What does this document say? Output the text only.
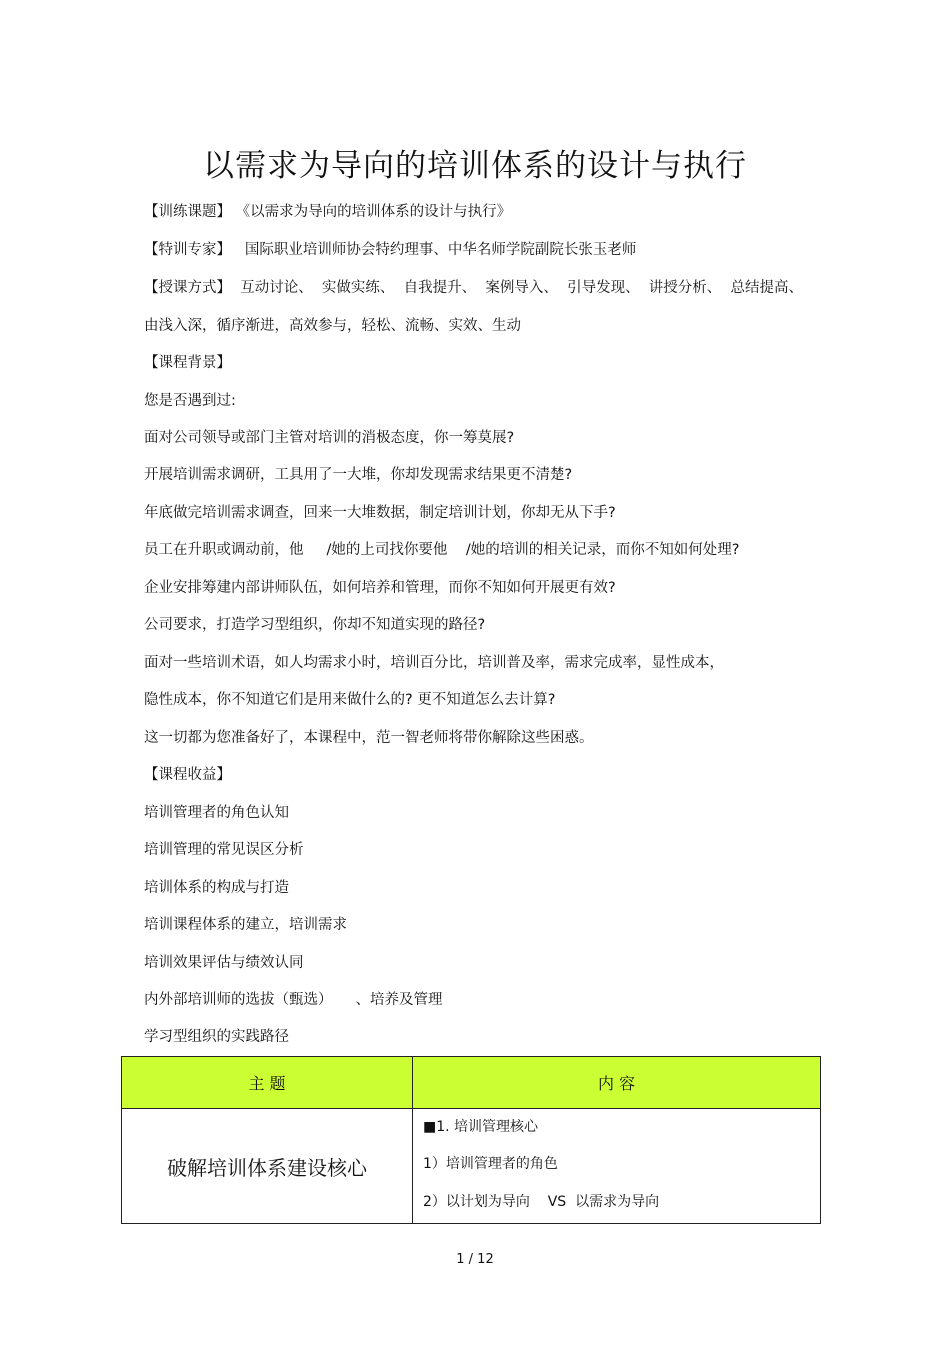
以需求为导向的培训体系的设计与执行
【训练课题】 《以需求为导向的培训体系的设计与执行》
【特训专家】   国际职业培训师协会特约理事、中华名师学院副院长张玉老师
【授课方式】  互动讨论、  实做实练、  自我提升、  案例导入、  引导发现、  讲授分析、  总结提高、
由浅入深，循序渐进，高效参与，轻松、流畅、实效、生动
【课程背景】
您是否遇到过:
面对公司领导或部门主管对培训的消极态度，你一筹莫展?
开展培训需求调研，工具用了一大堆，你却发现需求结果更不清楚?
年底做完培训需求调查，回来一大堆数据，制定培训计划，你却无从下手?
员工在升职或调动前，他     /她的上司找你要他    /她的培训的相关记录，而你不知如何处理?
企业安排筹建内部讲师队伍，如何培养和管理，而你不知如何开展更有效?
公司要求，打造学习型组织，你却不知道实现的路径?
面对一些培训术语，如人均需求小时，培训百分比，培训普及率，需求完成率，显性成本，
隐性成本，你不知道它们是用来做什么的? 更不知道怎么去计算?
这一切都为您准备好了，本课程中，范一智老师将带你解除这些困惑。
【课程收益】
培训管理者的角色认知
培训管理的常见误区分析
培训体系的构成与打造
培训课程体系的建立，培训需求
培训效果评估与绩效认同
内外部培训师的选拔（甄选）     、培养及管理
学习型组织的实践路径
主 题	内 容
破解培训体系建设核心	■1. 培训管理核心
1）培训管理者的角色
2）以计划为导向    VS  以需求为导向
1 / 12
